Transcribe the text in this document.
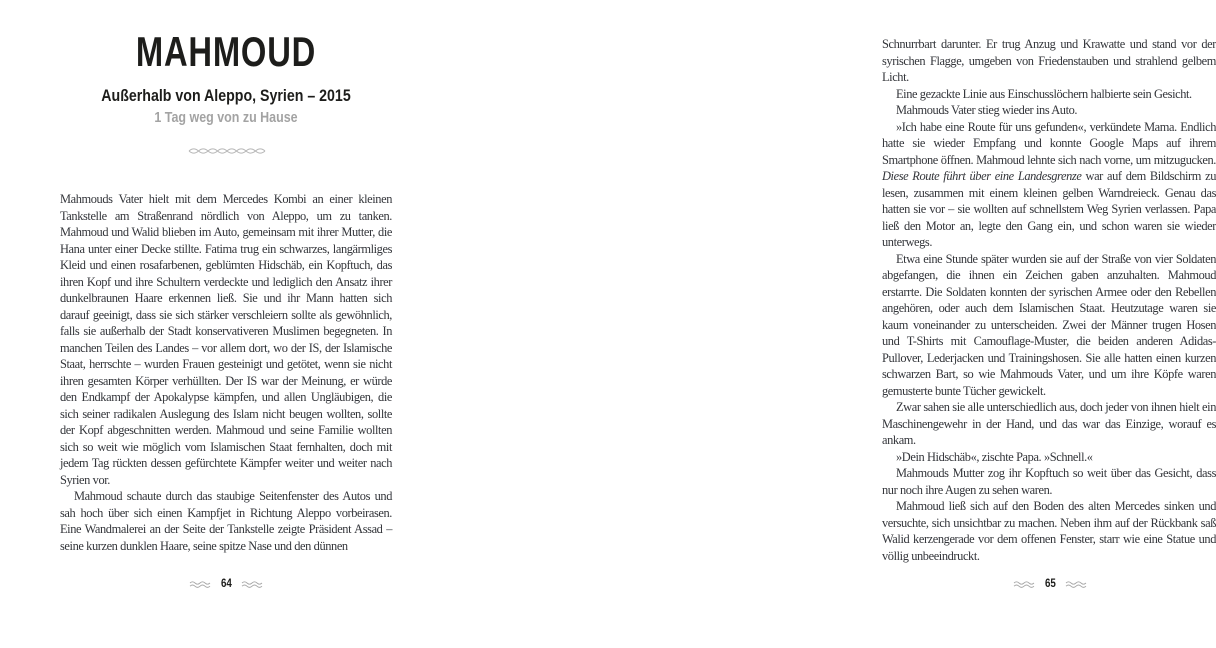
MAHMOUD

Außerhalb von Aleppo, Syrien – 2015

1 Tag weg von zu Hause

Mahmouds Vater hielt mit dem Mercedes Kombi an einer kleinen Tankstelle am Straßenrand nördlich von Aleppo, um zu tanken. Mahmoud und Walid blieben im Auto, gemeinsam mit ihrer Mutter, die Hana unter einer Decke stillte. Fatima trug ein schwarzes, langärmliges Kleid und einen rosafarbenen, geblümten Hidschäb, ein Kopftuch, das ihren Kopf und ihre Schultern verdeckte und lediglich den Ansatz ihrer dunkelbraunen Haare erkennen ließ. Sie und ihr Mann hatten sich darauf geeinigt, dass sie sich stärker verschleiern sollte als gewöhnlich, falls sie außerhalb der Stadt konservativeren Muslimen begegneten. In manchen Teilen des Landes – vor allem dort, wo der IS, der Islamische Staat, herrschte – wurden Frauen gesteinigt und getötet, wenn sie nicht ihren gesamten Körper verhüllten. Der IS war der Meinung, er würde den Endkampf der Apokalypse kämpfen, und allen Ungläubigen, die sich seiner radikalen Auslegung des Islam nicht beugen wollten, sollte der Kopf abgeschnitten werden. Mahmoud und seine Familie wollten sich so weit wie möglich vom Islamischen Staat fernhalten, doch mit jedem Tag rückten dessen gefürchtete Kämpfer weiter und weiter nach Syrien vor.

Mahmoud schaute durch das staubige Seitenfenster des Autos und sah hoch über sich einen Kampfjet in Richtung Aleppo vorbeirasen. Eine Wandmalerei an der Seite der Tankstelle zeigte Präsident Assad – seine kurzen dunklen Haare, seine spitze Nase und den dünnen

64

Schnurrbart darunter. Er trug Anzug und Krawatte und stand vor der syrischen Flagge, umgeben von Friedenstauben und strahlend gelbem Licht.

Eine gezackte Linie aus Einschusslöchern halbierte sein Gesicht.

Mahmouds Vater stieg wieder ins Auto.

»Ich habe eine Route für uns gefunden«, verkündete Mama. Endlich hatte sie wieder Empfang und konnte Google Maps auf ihrem Smartphone öffnen. Mahmoud lehnte sich nach vorne, um mitzugucken. Diese Route führt über eine Landesgrenze war auf dem Bildschirm zu lesen, zusammen mit einem kleinen gelben Warndreieck. Genau das hatten sie vor – sie wollten auf schnellstem Weg Syrien verlassen. Papa ließ den Motor an, legte den Gang ein, und schon waren sie wieder unterwegs.

Etwa eine Stunde später wurden sie auf der Straße von vier Soldaten abgefangen, die ihnen ein Zeichen gaben anzuhalten. Mahmoud erstarrte. Die Soldaten konnten der syrischen Armee oder den Rebellen angehören, oder auch dem Islamischen Staat. Heutzutage waren sie kaum voneinander zu unterscheiden. Zwei der Männer trugen Hosen und T-Shirts mit Camouflage-Muster, die beiden anderen Adidas-Pullover, Lederjacken und Trainingshosen. Sie alle hatten einen kurzen schwarzen Bart, so wie Mahmouds Vater, und um ihre Köpfe waren gemusterte bunte Tücher gewickelt.

Zwar sahen sie alle unterschiedlich aus, doch jeder von ihnen hielt ein Maschinengewehr in der Hand, und das war das Einzige, worauf es ankam.

»Dein Hidschäb«, zischte Papa. »Schnell.«

Mahmouds Mutter zog ihr Kopftuch so weit über das Gesicht, dass nur noch ihre Augen zu sehen waren.

Mahmoud ließ sich auf den Boden des alten Mercedes sinken und versuchte, sich unsichtbar zu machen. Neben ihm auf der Rückbank saß Walid kerzengerade vor dem offenen Fenster, starr wie eine Statue und völlig unbeeindruckt.

65
